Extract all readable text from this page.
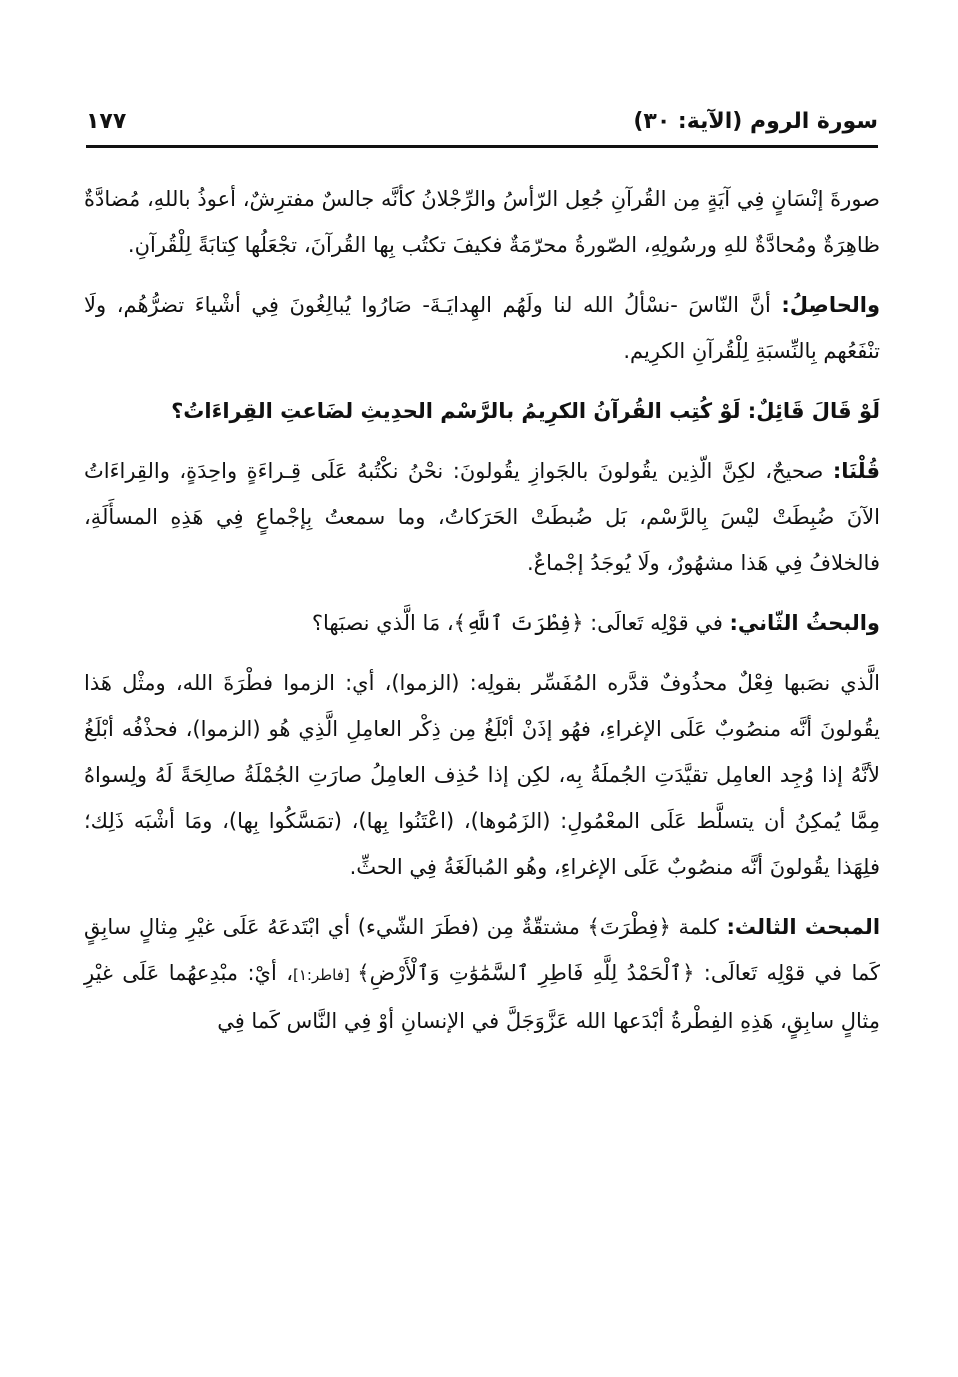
سورة الروم (الآية: ٣٠)
١٧٧

صورةَ إنْسَانٍ فِي آيَةٍ مِن القُرآنِ جُعِل الرّأسُ والرِّجْلانُ كأنَّه جالسٌ مفترِشٌ، أعوذُ باللهِ، مُضادَّةٌ ظاهِرَةٌ ومُحادَّةٌ للهِ ورسُولِهِ، الصّورةُ محرّمَةٌ فكيفَ تكتُب بِها القُرآنَ، تجْعَلُها كِتابَةً لِلْقُرآنِ.

والحاصِلُ: أنَّ النّاسَ -نسْألُ الله لنا ولَهُم الهِدايَـةَ- صَارُوا يُبالِغُونَ فِي أشْياءَ تضرُّهُم، ولَا تنْفَعُهم بِالنِّسبَةِ لِلْقُرآنِ الكرِيم.

لَوْ قَالَ قَائِلٌ: لَوْ كُتِب القُرآنُ الكرِيمُ بالرَّسْم الحدِيثِ لضَاعتِ القِراءَاتُ؟

قُلْنَا: صحيحٌ، لكِنَّ الّذِين يقُولونَ بالجَوازِ يقُولونَ: نحْنُ نكْتُبهُ عَلَى قِـراءَةٍ واحِدَةٍ، والقِراءَاتُ الآنَ ضُبِطَتْ ليْسَ بِالرَّسْم، بَل ضُبطَتْ الحَرَكاتُ، وما سمعتُ بِإجْماعٍ فِي هَذِهِ المسأَلَةِ، فالخلافُ فِي هَذا مشهُورٌ، ولَا يُوجَدُ إجْماعٌ.

والبحثُ الثّاني: في قوْلِه تَعالَى: ﴿فِطْرَتَ ٱللَّهِ﴾، مَا الَّذي نصبَها؟

الَّذي نصَبها فِعْلٌ محذُوفٌ قدَّره المُفَسِّر بقولِه: (الزموا)، أي: الزموا فطْرَةَ الله، ومثْل هَذا يقُولونَ أنَّه منصُوبٌ عَلَى الإغراءِ، فهُو إذَنْ أبْلَغُ مِن ذِكْر العامِلِ الَّذِي هُو (الزموا)، فحذْفُه أبْلَغُ لأنَّهُ إذا وُجِد العامِل تقيَّدَتِ الجُملَةُ بِه، لكِن إذا حُذِف العامِلُ صارَتِ الجُمْلَةُ صالِحَةً لَهُ ولِسواهُ مِمَّا يُمكِنُ أن يتسلَّط عَلَى المعْمُولِ: (الزَمُوها)، (اعْتَنُوا بِها)، (تمَسَّكُوا بِها)، ومَا أشْبَه ذَلِك؛ فلِهَذا يقُولونَ أنَّه منصُوبٌ عَلَى الإغراءِ، وهُو المُبالَغَةُ فِي الحثِّ.

المبحث الثالث: كلمة ﴿فِطْرَتَ﴾ مشتقّةٌ مِن (فطَرَ الشّيء) أي ابْتَدعَهُ عَلَى غيْرِ مِثالٍ سابِقٍ كَما في قوْلِه تَعالَى: ﴿ٱلْحَمْدُ لِلَّهِ فَاطِرِ ٱلسَّمَٰوَٰتِ وَٱلْأَرْضِ﴾ [فاطر:١]، أيْ: مبْدِعهُما عَلَى غيْرِ مِثالٍ سابِقٍ، هَذِهِ الفِطْرةُ أبْدَعها الله عَزَّوَجَلَّ في الإنسانِ أوْ فِي النَّاس كَما فِي
